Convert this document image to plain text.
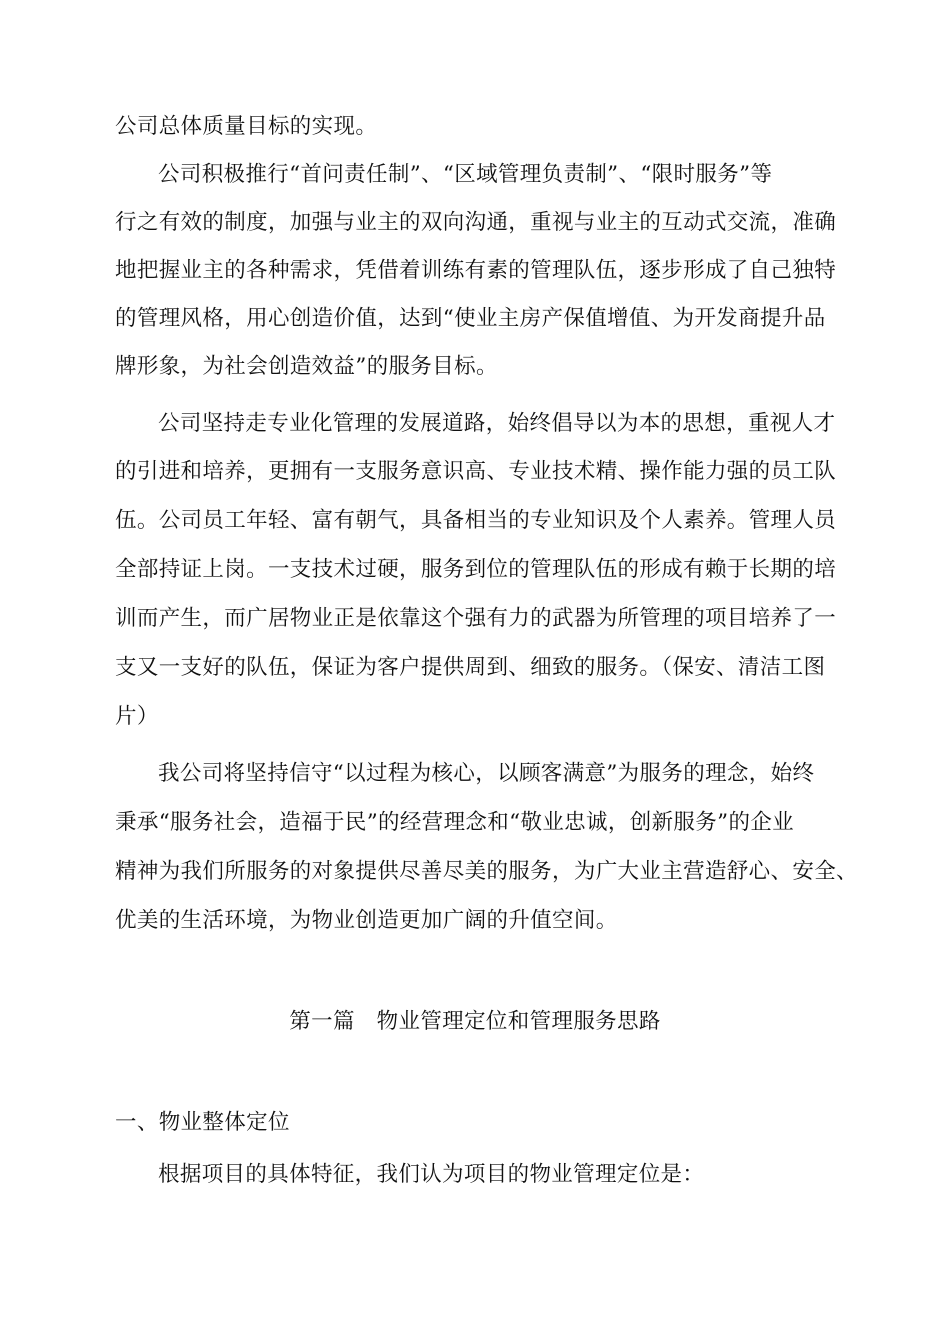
公司总体质量目标的实现。
公司积极推行“首问责任制”、“区域管理负责制”、“限时服务”等
行之有效的制度，加强与业主的双向沟通，重视与业主的互动式交流，准确
地把握业主的各种需求，凭借着训练有素的管理队伍，逐步形成了自己独特
的管理风格，用心创造价值，达到“使业主房产保值增值、为开发商提升品
牌形象，为社会创造效益”的服务目标。
公司坚持走专业化管理的发展道路，始终倡导以为本的思想，重视人才
的引进和培养，更拥有一支服务意识高、专业技术精、操作能力强的员工队
伍。公司员工年轻、富有朝气，具备相当的专业知识及个人素养。管理人员
全部持证上岗。一支技术过硬，服务到位的管理队伍的形成有赖于长期的培
训而产生，而广居物业正是依靠这个强有力的武器为所管理的项目培养了一
支又一支好的队伍，保证为客户提供周到、细致的服务。（保安、清洁工图
片）
我公司将坚持信守“以过程为核心，以顾客满意”为服务的理念，始终
秉承“服务社会，造福于民”的经营理念和“敬业忠诚，创新服务”的企业
精神为我们所服务的对象提供尽善尽美的服务，为广大业主营造舒心、安全、
优美的生活环境，为物业创造更加广阔的升值空间。
第一篇　物业管理定位和管理服务思路
一、物业整体定位
根据项目的具体特征，我们认为项目的物业管理定位是：
